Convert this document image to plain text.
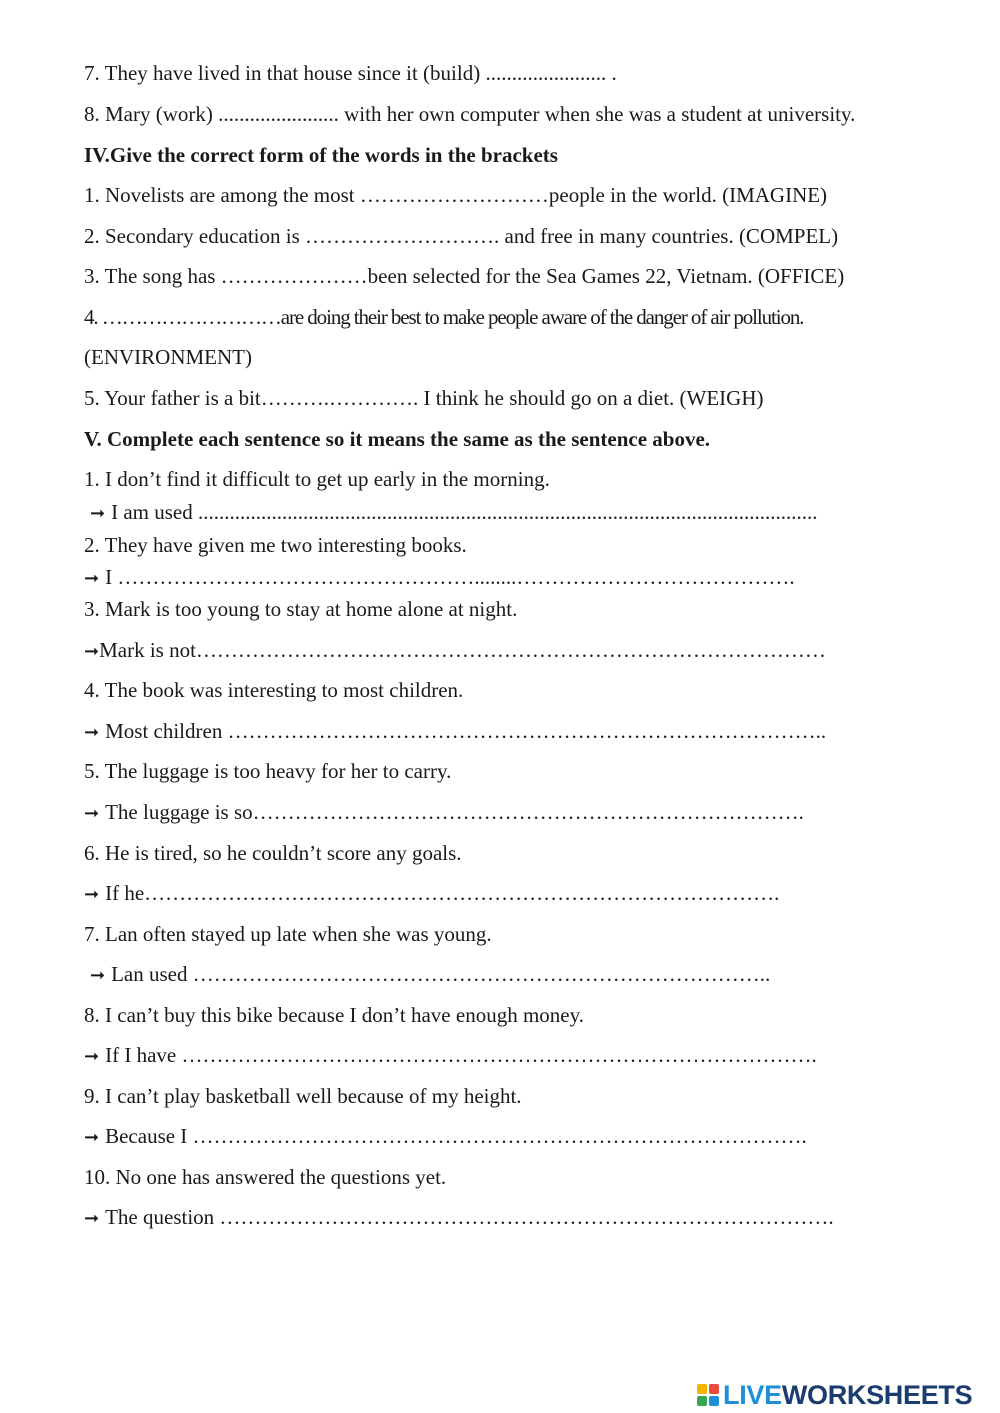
7. They have lived in that house since it (build) ....................... .
8. Mary (work) ....................... with her own computer when she was a student at university.
IV.Give the correct form of the words in the brackets
1. Novelists are among the most ………………………people in the world. (IMAGINE)
2. Secondary education is ………………………. and free in many countries. (COMPEL)
3. The song has …………………been selected for the Sea Games 22, Vietnam. (OFFICE)
4. ………………………are doing their best to make people aware of the danger of air pollution.
(ENVIRONMENT)
5. Your father is a bit……….…………. I think he should go on a diet. (WEIGH)
V. Complete each sentence so it means the same as the sentence above.
1. I don’t find it difficult to get up early in the morning.
➞ I am used ......................................................................................................................
2. They have given me two interesting books.
➞ I ……………………………………………........………………………………….
3. Mark is too young to stay at home alone at night.
➞Mark is not………………………………………………………………………………
4. The book was interesting to most children.
➞ Most children …………………………………………………………………………..
5. The luggage is too heavy for her to carry.
➞ The luggage is so…………………………………………………………………….
6. He is tired, so he couldn’t score any goals.
➞ If he……………………………………………………………………………….
7. Lan often stayed up late when she was young.
➞ Lan used ………………………………………………………………………..
8. I can’t buy this bike because I don’t have enough money.
➞ If I have ……………………………………………………………………………….
9. I can’t play basketball well because of my height.
➞ Because I …………………………………………………………………………….
10. No one has answered the questions yet.
➞ The question …………………………………………………………………………….
LIVEWORKSHEETS
